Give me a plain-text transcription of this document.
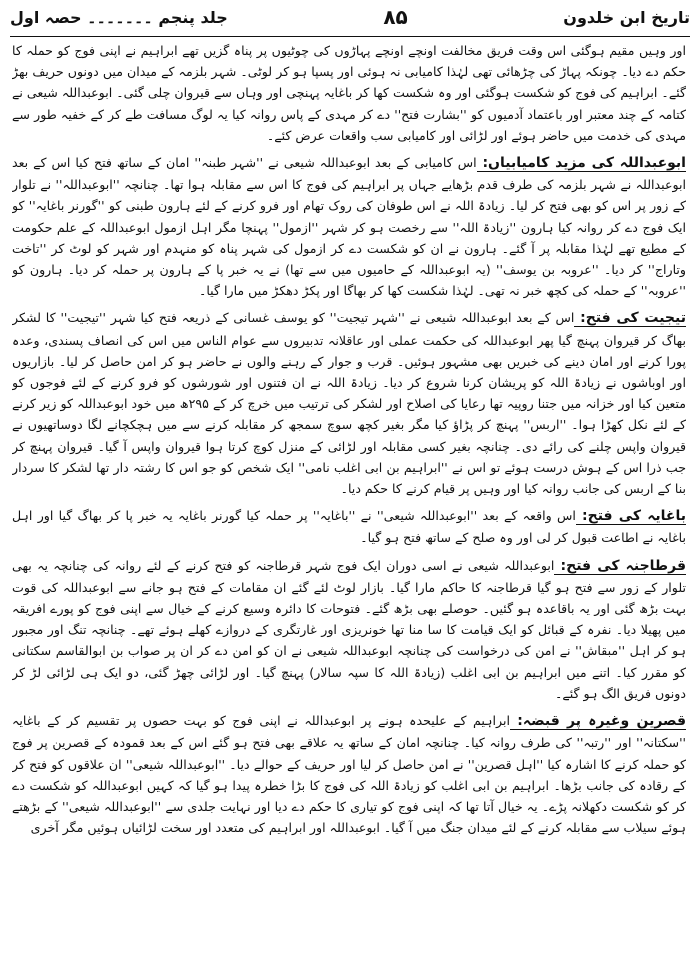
جلد پنجم ۔۔۔۔۔۔۔ حصہ اول	۸۵	تاریخ ابن خلدون

اور وہیں مقیم ہوگئی اس وقت فریق مخالفت اونچے اونچے پہاڑوں کی چوٹیوں پر پناہ گزیں تھے ابراہیم نے اپنی فوج کو حملہ کا حکم دے دیا۔ چونکہ پہاڑ کی چڑھائی تھی لہٰذا کامیابی نہ ہوئی اور پسپا ہو کر لوٹی۔ شہر بلزمہ کے میدان میں دونوں حریف بھڑ گئے۔ ابراہیم کی فوج کو شکست ہوگئی اور وہ شکست کھا کر باغایہ پہنچی اور وہاں سے قیروان چلی گئی۔ ابوعبداللہ شیعی نے کتامہ کے چند معتبر اور باعتماد آدمیوں کو ''بشارت فتح'' دے کر مہدی کے پاس روانہ کیا یہ لوگ مسافت طے کر کے خفیہ طور سے مہدی کی خدمت میں حاضر ہوئے اور لڑائی اور کامیابی سب واقعات عرض کئے۔

ابوعبداللہ کی مزید کامیابیاں: اس کامیابی کے بعد ابوعبداللہ شیعی نے ''شہر طبنہ'' امان کے ساتھ فتح کیا اس کے بعد ابوعبداللہ نے شہر بلزمہ کی طرف قدم بڑھایے جہاں پر ابراہیم کی فوج کا اس سے مقابلہ ہوا تھا۔ چنانچہ ''ابوعبداللہ'' نے تلوار کے زور پر اس کو بھی فتح کر لیا۔ زیادۃ اللہ نے اس طوفان کی روک تھام اور فرو کرنے کے لئے ہارون طبنی کو ''گورنر باغایہ'' کو ایک فوج دے کر روانہ کیا ہارون ''زیادۃ اللہ'' سے رخصت ہو کر شہر ''ازمول'' پہنچا مگر اہل ازمول ابوعبداللہ کے علم حکومت کے مطیع تھے لہٰذا مقابلہ پر آ گئے۔ ہارون نے ان کو شکست دے کر ازمول کی شہر پناہ کو منہدم اور شہر کو لوٹ کر ''تاخت وتاراج'' کر دیا۔ ''عروبہ بن یوسف'' (یہ ابوعبداللہ کے حامیوں میں سے تھا) نے یہ خبر پا کے ہارون پر حملہ کر دیا۔ ہارون کو ''عروبہ'' کے حملہ کی کچھ خبر نہ تھی۔ لہٰذا شکست کھا کر بھاگا اور پکڑ دھکڑ میں مارا گیا۔

تیجیت کی فتح: اس کے بعد ابوعبداللہ شیعی نے ''شہر تیجیت'' کو یوسف غسانی کے ذریعہ فتح کیا شہر ''تیجیت'' کا لشکر بھاگ کر قیروان پہنچ گیا پھر ابوعبداللہ کی حکمت عملی اور عاقلانہ تدبیروں سے عوام الناس میں اس کی انصاف پسندی، وعدہ پورا کرنے اور امان دینے کی خبریں بھی مشہور ہوئیں۔ قرب و جوار کے رہنے والوں نے حاضر ہو کر امن حاصل کر لیا۔ بازاریوں اور اوباشوں نے زیادۃ اللہ کو پریشان کرنا شروع کر دیا۔ زیادۃ اللہ نے ان فتنوں اور شورشوں کو فرو کرنے کے لئے فوجوں کو متعین کیا اور خزانہ میں جتنا روپیہ تھا رعایا کی اصلاح اور لشکر کی ترتیب میں خرچ کر کے ۲۹۵ھ میں خود ابوعبداللہ کو زیر کرنے کے لئے نکل کھڑا ہوا۔ ''اربس'' پہنچ کر پڑاؤ کیا مگر بغیر کچھ سوچ سمجھ کر مقابلہ کرنے سے میں ہچکچانے لگا دوساتھیوں نے قیروان واپس چلنے کی رائے دی۔ چنانچہ بغیر کسی مقابلہ اور لڑائی کے منزل کوچ کرتا ہوا قیروان واپس آ گیا۔ قیروان پہنچ کر جب ذرا اس کے ہوش درست ہوئے تو اس نے ''ابراہیم بن ابی اغلب نامی'' ایک شخص کو جو اس کا رشتہ دار تھا لشکر کا سردار بنا کے اربس کی جانب روانہ کیا اور وہیں پر قیام کرنے کا حکم دیا۔

باغایہ کی فتح: اس واقعہ کے بعد ''ابوعبداللہ شیعی'' نے ''باغایہ'' پر حملہ کیا گورنر باغایہ یہ خبر پا کر بھاگ گیا اور اہل باغایہ نے اطاعت قبول کر لی اور وہ صلح کے ساتھ فتح ہو گیا۔

قرطاجنہ کی فتح: ابوعبداللہ شیعی نے اسی دوران ایک فوج شہر قرطاجنہ کو فتح کرنے کے لئے روانہ کی چنانچہ یہ بھی تلوار کے زور سے فتح ہو گیا قرطاجنہ کا حاکم مارا گیا۔ بازار لوٹ لئے گئے ان مقامات کے فتح ہو جانے سے ابوعبداللہ کی قوت بہت بڑھ گئی اور یہ باقاعدہ ہو گئیں۔ حوصلے بھی بڑھ گئے۔ فتوحات کا دائرہ وسیع کرنے کے خیال سے اپنی فوج کو پورے افریقہ میں پھیلا دیا۔ نفرہ کے قبائل کو ایک قیامت کا سا منا تھا خونریزی اور غارتگری کے دروازے کھلے ہوئے تھے۔ چنانچہ تنگ اور مجبور ہو کر اہل ''مبقاش'' نے امن کی درخواست کی چنانچہ ابوعبداللہ شیعی نے ان کو امن دے کر ان پر صواب بن ابوالقاسم سکتانی کو مقرر کیا۔ اتنے میں ابراہیم بن ابی اغلب (زیادۃ اللہ کا سپہ سالار) پہنچ گیا۔ اور لڑائی چھڑ گئی، دو ایک ہی لڑائی لڑ کر دونوں فریق الگ ہو گئے۔

قصرین وغیرہ پر قبضہ: ابراہیم کے علیحدہ ہونے پر ابوعبداللہ نے اپنی فوج کو بہت حصوں پر تقسیم کر کے باغایہ ''سکتانہ'' اور ''رتبہ'' کی طرف روانہ کیا۔ چنانچہ امان کے ساتھ یہ علاقے بھی فتح ہو گئے اس کے بعد قمودہ کے قصرین پر فوج کو حملہ کرنے کا اشارہ کیا ''اہل قصرین'' نے امن حاصل کر لیا اور حریف کے حوالے دیا۔ ''ابوعبداللہ شیعی'' ان علاقوں کو فتح کر کے رقادہ کی جانب بڑھا۔ ابراہیم بن ابی اغلب کو زیادۃ اللہ کی فوج کا بڑا خطرہ پیدا ہو گیا کہ کہیں ابوعبداللہ کو شکست دے کر کو شکست دکھلانہ پڑے۔ یہ خیال آتا تھا کہ اپنی فوج کو تیاری کا حکم دے دیا اور نہایت جلدی سے ''ابوعبداللہ شیعی'' کے بڑھتے ہوئے سیلاب سے مقابلہ کرنے کے لئے میدان جنگ میں آ گیا۔ ابوعبداللہ اور ابراہیم کی متعدد اور سخت لڑائیاں ہوئیں مگر آخری
